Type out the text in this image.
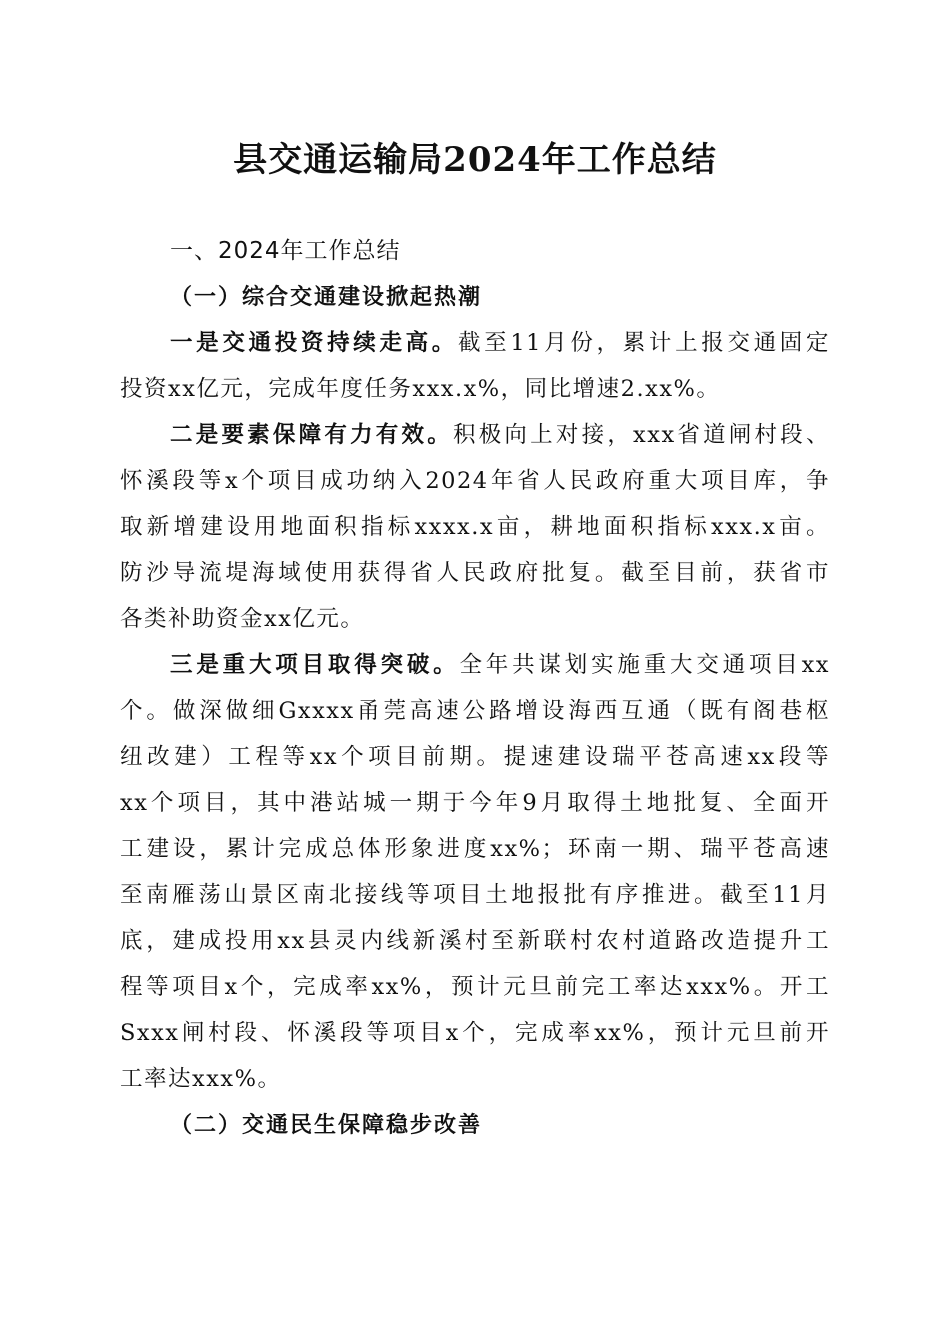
县交通运输局2024年工作总结
一、2024年工作总结
（一）综合交通建设掀起热潮
一是交通投资持续走高。截至11月份，累计上报交通固定
投资xx亿元，完成年度任务xxx.x%，同比增速2.xx%。
二是要素保障有力有效。积极向上对接，xxx省道闸村段、
怀溪段等x个项目成功纳入2024年省人民政府重大项目库，争
取新增建设用地面积指标xxxx.x亩，耕地面积指标xxx.x亩。
防沙导流堤海域使用获得省人民政府批复。截至目前，获省市
各类补助资金xx亿元。
三是重大项目取得突破。全年共谋划实施重大交通项目xx
个。做深做细Gxxxx甬莞高速公路增设海西互通（既有阁巷枢
纽改建）工程等xx个项目前期。提速建设瑞平苍高速xx段等
xx个项目，其中港站城一期于今年9月取得土地批复、全面开
工建设，累计完成总体形象进度xx%；环南一期、瑞平苍高速
至南雁荡山景区南北接线等项目土地报批有序推进。截至11月
底，建成投用xx县灵内线新溪村至新联村农村道路改造提升工
程等项目x个，完成率xx%，预计元旦前完工率达xxx%。开工
Sxxx闸村段、怀溪段等项目x个，完成率xx%，预计元旦前开
工率达xxx%。
（二）交通民生保障稳步改善
